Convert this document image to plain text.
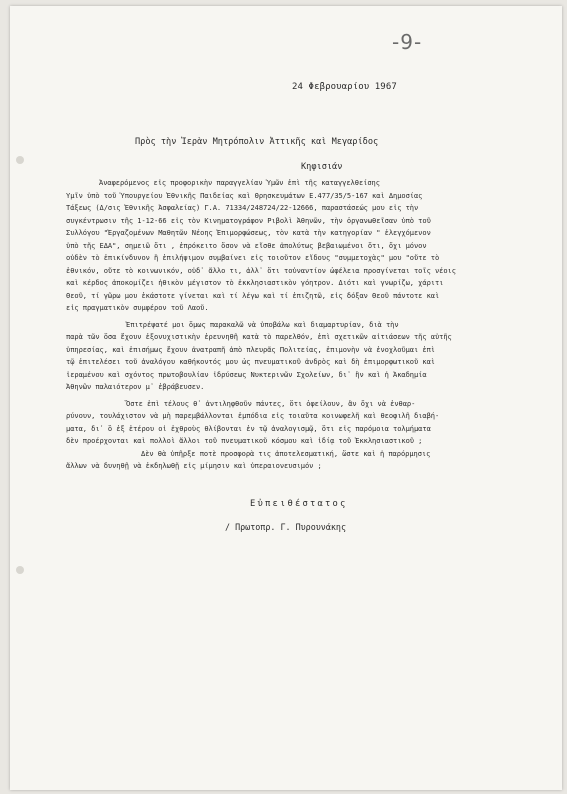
-9-
24 Φεβρουαρίου 1967
Πρὸς τὴν Ἱερὰν Μητρόπολιν Ἀττικῆς καὶ Μεγαρίδος
Κηφισιάν
Ἀναφερόμενος εἰς προφορικὴν παραγγελίαν Ὑμῶν ἐπὶ τῆς καταγγελθείσης
Ὑμῖν ὑπὸ τοῦ Ὑπουργείου Ἐθνικῆς Παιδείας καὶ Θρησκευμάτων Ε.477/35/5-167 καὶ Δημοσίας
Τάξεως (Δ/σις Ἐθνικῆς Ἀσφαλείας) Γ.Α. 71334/248724/22-12666, παραστάσεώς μου εἰς τὴν
συγκέντρωσιν τῆς 1-12-66 εἰς τὸν Κινηματογράφον Ριβολὶ Ἀθηνῶν, τὴν ὀργανωθεῖσαν ὑπὸ τοῦ
Συλλόγου "Ἐργαζομένων Μαθητῶν Νέοης Ἐπιμορφώσεως, τὸν κατὰ τὴν κατηγορίαν " ἐλεγχόμενον
ὑπὸ τῆς ΕΔΑ", σημειῶ ὅτι , ἐπρόκειτο ὅσον νὰ εἴσθε ἀπολύτως βεβαιωμένοι ὅτι, ὄχι μόνον
οὐδὲν τὸ ἐπικίνδυνον ἢ ἐπιλήψιμον συμβαίνει εἰς τοιοῦτον εἴδους "συμμετοχὰς" μου "οὔτε τὸ
ἐθνικόν, οὔτε τὸ κοινωνικόν, οὐδ᾽ ἄλλο τι, ἀλλ᾽ ὅτι τοὐναντίον ὠφέλεια προσγίνεται τοῖς νέοις
καὶ κέρδος ἀποκομίζει ἠθικὸν μέγιστον τὸ ἐκκλησιαστικὸν γόητρον. Διότι καὶ γνωρίζω, χάριτι
Θεοῦ, τί γῶρω μου ἑκάστοτε γίνεται καὶ τί λέγω καὶ τί ἐπιζητῶ, εἰς δόξαν Θεοῦ πάντοτε καὶ
εἰς πραγματικὸν συμφέρον τοῦ Λαοῦ.
Ἐπιτρέψατέ μοι ὅμως παρακαλῶ νὰ ὑποβάλω καὶ διαμαρτυρίαν, διὰ τὴν
παρὰ τῶν ὅσα ἔχουν ἐξονυχιστικὴν ἐρευνηθῆ κατὰ τὸ παρελθόν, ἐπὶ σχετικῶν αἰτιάσεων τῆς αὐτῆς
ὑπηρεσίας, καὶ ἐπισήμως ἔχουν ἀνατραπῆ ἀπὸ πλευρᾶς Πολιτείας, ἐπιμονὴν νὰ ἐνοχλοῦμαι ἐπὶ
τῷ ἐπιτελέσει τοῦ ἀναλόγου καθήκοντός μου ὡς πνευματικοῦ ἀνδρὸς καὶ δὴ ἐπιμορφωτικοῦ καὶ
ἱεραμένου καὶ σχόντος πρωτοβουλίαν ἱδρύσεως Νυκτερινῶν Σχολείων, δι᾽ ἣν καὶ ἡ Ἀκαδημία
Ἀθηνῶν παλαιότερον μ᾽ ἐβράβευσεν.
Ὅστε ἐπὶ τέλους θ᾽ ἀντιληφθοῦν πάντες, ὅτι ὀφείλουν, ἂν ὄχι νὰ ἐνθαρ-
ρύνουν, τουλάχιστον νὰ μὴ παρεμβάλλονται ἐμπόδια εἰς τοιαῦτα κοινωφελῆ καὶ θεοφιλῆ διαβή-
ματα, δι᾽ ὃ ἐξ ἑτέρου οἱ ἐχθροὺς θλίβονται ἐν τῷ ἀναλογισμῷ, ὅτι εἰς παρόμοια τολμήματα
δὲν προέρχονται καὶ πολλοὶ ἄλλοι τοῦ πνευματικοῦ κόσμου καὶ ἰδίᾳ τοῦ Ἐκκλησιαστικοῦ ;
Δὲν θὰ ὑπῆρξε ποτὲ προσφορὰ τις ἀποτελεσματική, ὥστε καὶ ἡ παρόρμησις
ἄλλων νὰ δυνηθῇ νὰ ἐκδηλωθῇ εἰς μίμησιν καὶ ὑπεραιονευσιμόν ;
Εὐπειθέστατος
/ Πρωτοπρ. Γ. Πυρουνάκης
